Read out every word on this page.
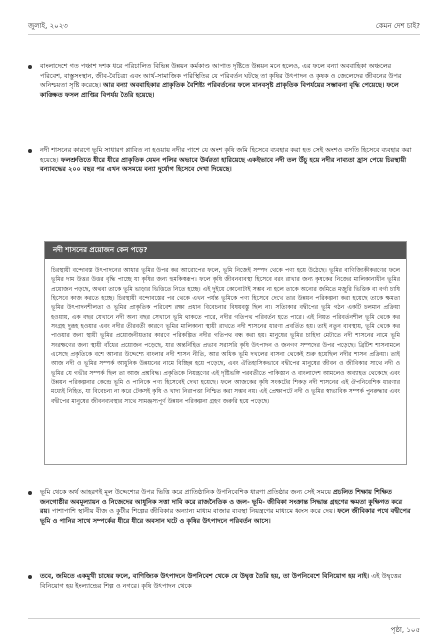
জুলাই, ২০২৩	কেমন দেশ চাই?
বাংলাদেশে গত পঞ্চাশ দশক ধরে পরিচালিত বিভিন্ন উন্নয়ন কর্মকাণ্ড আপাত দৃষ্টিতে উন্নয়ন মনে হলেও, এর ফলে বন্যা অববাহিকা অঞ্চলের পরিবেশ, বাস্তুসংস্থান, জীব-বৈচিত্র্য এবং আর্থ-সামাজিক পরিস্থিতির যে পরিবর্তন ঘটছে তা কৃষির উৎপাদন ও কৃষক ও জেলেদের জীবনের উপর অনিশ্চয়তা সৃষ্টি করেছে। আর বন্যা অববাহিকার প্রাকৃতিক বৈশিষ্ট্য পরিবর্তনের ফলে মানবসৃষ্ট প্রাকৃতিক বিপর্যয়ের সম্ভাবনা বৃদ্ধি পেয়েছে। ফলে কাঙ্ক্ষিত ফসল প্রাপ্তির বিপর্যয় তৈরি হয়েছে।
নদী শাসনের কারণে ভূমি সাধারণ প্লাবিত না হওয়ায় নদীর পাশে যে অংশ কৃষি জমি হিসেবে ব্যবহার করা হত সেই অংশও বসতি হিসেবে ব্যবহার করা হয়েছে। ফলশ্রুতিতে ধীরে ধীরে প্রাকৃতিক যেমন পলির অভাবে উর্বরতা হারিয়েছে একইভাবে নদী তল উঁচু হয়ে নদীর নাব্যতা হ্রাস পেয়ে চিরস্থায়ী বন্যাবদ্ধের ২০০ বছর পর এখন অসময়ে বন্যা দুর্যোগ হিসেবে দেখা দিয়েছে।
নদী শাসনের প্রয়োজন কেন পড়ে?
চিরস্থায়ী বন্দোবস্ত উৎপাদনের আধার ভূমির উপর কর আরোপের ফলে, ভূমি নিজেই সম্পদ থেকে পণ্য হয়ে উঠেছে। ভূমির বাণিজ্যিকীকরণের ফলে ভূমির দাম উত্তর উত্তর বৃদ্ধি পাচ্ছে যা কৃষির জন্য হুমকিস্বরূপ। ফলে কৃষি জীবনব্যবস্থা হিসেবে বরং রাখার জন্য কৃষকের নিজের মালিকানাধীন ভূমির প্রয়োজন পড়ছে, অথবা তাকে ভূমি ভাড়ার ভিত্তিতে নিতে হচ্ছে। এই দুইয়ে কোনোটাই সম্ভব না হলে তাকে অন্যের জমিতে মজুরি ভিত্তিক বা বর্গা চাষি হিসেবে কাজ করতে হচ্ছে। চিরস্থায়ী বন্দোবস্তের পর থেকে এখন পর্যন্ত ভূমিকে পণ্য হিসেবে দেখে তার উন্নয়ন পরিকল্পনা করা হয়েছে তাকে ক্ষমতা ভূমির উৎপাদনশীলতা ও ভূমির প্রাকৃতিক পরিবেশ রক্ষা প্রধান বিবেচনার বিষয়বস্তু ছিল না। সত্যিকার বদ্বীপের ভূমি গঠন একটি চলমান প্রক্রিয়া হওয়ায়, এক বছর যেখানে নদী অন্য বছর সেখানে ভূমি থাকতে পারে, নদীর গতিপথ পরিবর্তন হতে পারে। এই নিয়ত পরিবর্তনশীল ভূমি থেকে কর সংগ্রহ দুরূহ হওয়ার এবং নদীর তীরবর্তী কারণে ভূমির মালিকানা স্থায়ী রাখতে নদী শাসনের ধারণা প্রবর্তিত হয়। তাই নতুন ব্যবস্থায়, ভূমি থেকে কর পাওয়ার জন্য স্থায়ী ভূমির প্রয়োজনীয়তার কারণে পরিকল্পিত নদীর গতিপথ বন্ধ করা হয়। মানুষের ভূমির চাহিদা মেটাতে নদী শাসনের নামে ভূমি সংরক্ষণের জন্য স্থায়ী বাঁধের প্রয়োজন পড়েছে, যার অন্তর্নিহিত প্রভাব সরাসরি কৃষি উৎপাদন ও জনগণ সম্পদের উপর পড়েছে। ব্রিটিশ শাসনামলে এসেছে প্রকৃতিকে বশে আনার উদ্দেশ্যে বাংলার নদী শাসন নীতি, আর অধিক ভূমি দখলের বাসনা থেকেই শুরু হয়েছিল নদীর শাসন প্রক্রিয়া। তাই আজ নদী ও ভূমির সম্পর্ক আধুনিক উন্নয়নের নামে বিচ্ছিন্ন হয়ে পড়েছে, এবং ঐতিহাসিকভাবে বদ্বীপের মানুষের জীবন ও জীবিকার সাথে নদী ও ভূমির যে গভীর সম্পর্ক ছিল তা আজ প্রশ্নবিদ্ধ। প্রকৃতিকে নিয়ন্ত্রণের এই দৃষ্টিভঙ্গি পরবর্তীতে পাকিস্তান ও বাংলাদেশ আমলেও অব্যাহত থেকেছে এবং উন্নয়ন পরিকল্পনার কেন্দ্রে ভূমি ও পানিকে পণ্য হিসেবেই দেখা হয়েছে। ফলে আজকের কৃষি সংকটের শিকড় নদী শাসনের এই ঔপনিবেশিক ধারণার মধ্যেই নিহিত, যা বিবেচনা না করে টেকসই কৃষি ও খাদ্য নিরাপত্তা নিশ্চিত করা সম্ভব নয়। এই প্রেক্ষাপটে নদী ও ভূমির স্বাভাবিক সম্পর্ক পুনরুদ্ধার এবং বদ্বীপের মানুষের জীবনব্যবস্থার সাথে সামঞ্জস্যপূর্ণ উন্নয়ন পরিকল্পনা গ্রহণ জরুরি হয়ে পড়েছে।
ভূমি থেকে অর্থ আহরণই মূল উদ্দেশ্যের উপর ভিত্তি করে প্রাতিষ্ঠানিক উপনিবেশিক ধারণা প্রতিষ্ঠার জন্য সেই সময়ে প্রচলিত শিক্ষায় শিক্ষিত জনগোষ্ঠীর অবমূল্যায়ন ও নিজেদের আধুনিক সত্তা দাবি করে রাজনৈতিক ও জল- ভূমি- জীবিকা সংক্রান্ত সিদ্ধান্ত গ্রহণের ক্ষমতা কুক্ষিগত করে রয়। পাশাপাশি স্থানীয় বীজ ও কুটীর শিল্পের জীবিকার অন্যান্য মাধ্যম বাজার ব্যবস্থা নিয়ন্ত্রণের মাধ্যমে ধ্বংস করে দেয়। ফলে জীবিকার পথে বদ্বীপের ভূমি ও পানির সাথে সম্পর্কের ধীরে ধীরে অবসান ঘটে ও কৃষির উৎপাদনে পরিবর্তন আসে।
তবে, জমিতে একমুখী চাষের ফলে, বাণিজ্যিক উৎপাদনে উপনিবেশ থেকে যে উদ্বৃত্ত তৈরি হয়, তা উপনিবেশে বিনিয়োগ হয় নাই। এই উদ্বৃত্তের বিনিয়োগ হয় ইংল্যান্ডের শিল্প ও নগরে। কৃষি উৎপাদন থেকে
পৃষ্ঠা, ১০৫
